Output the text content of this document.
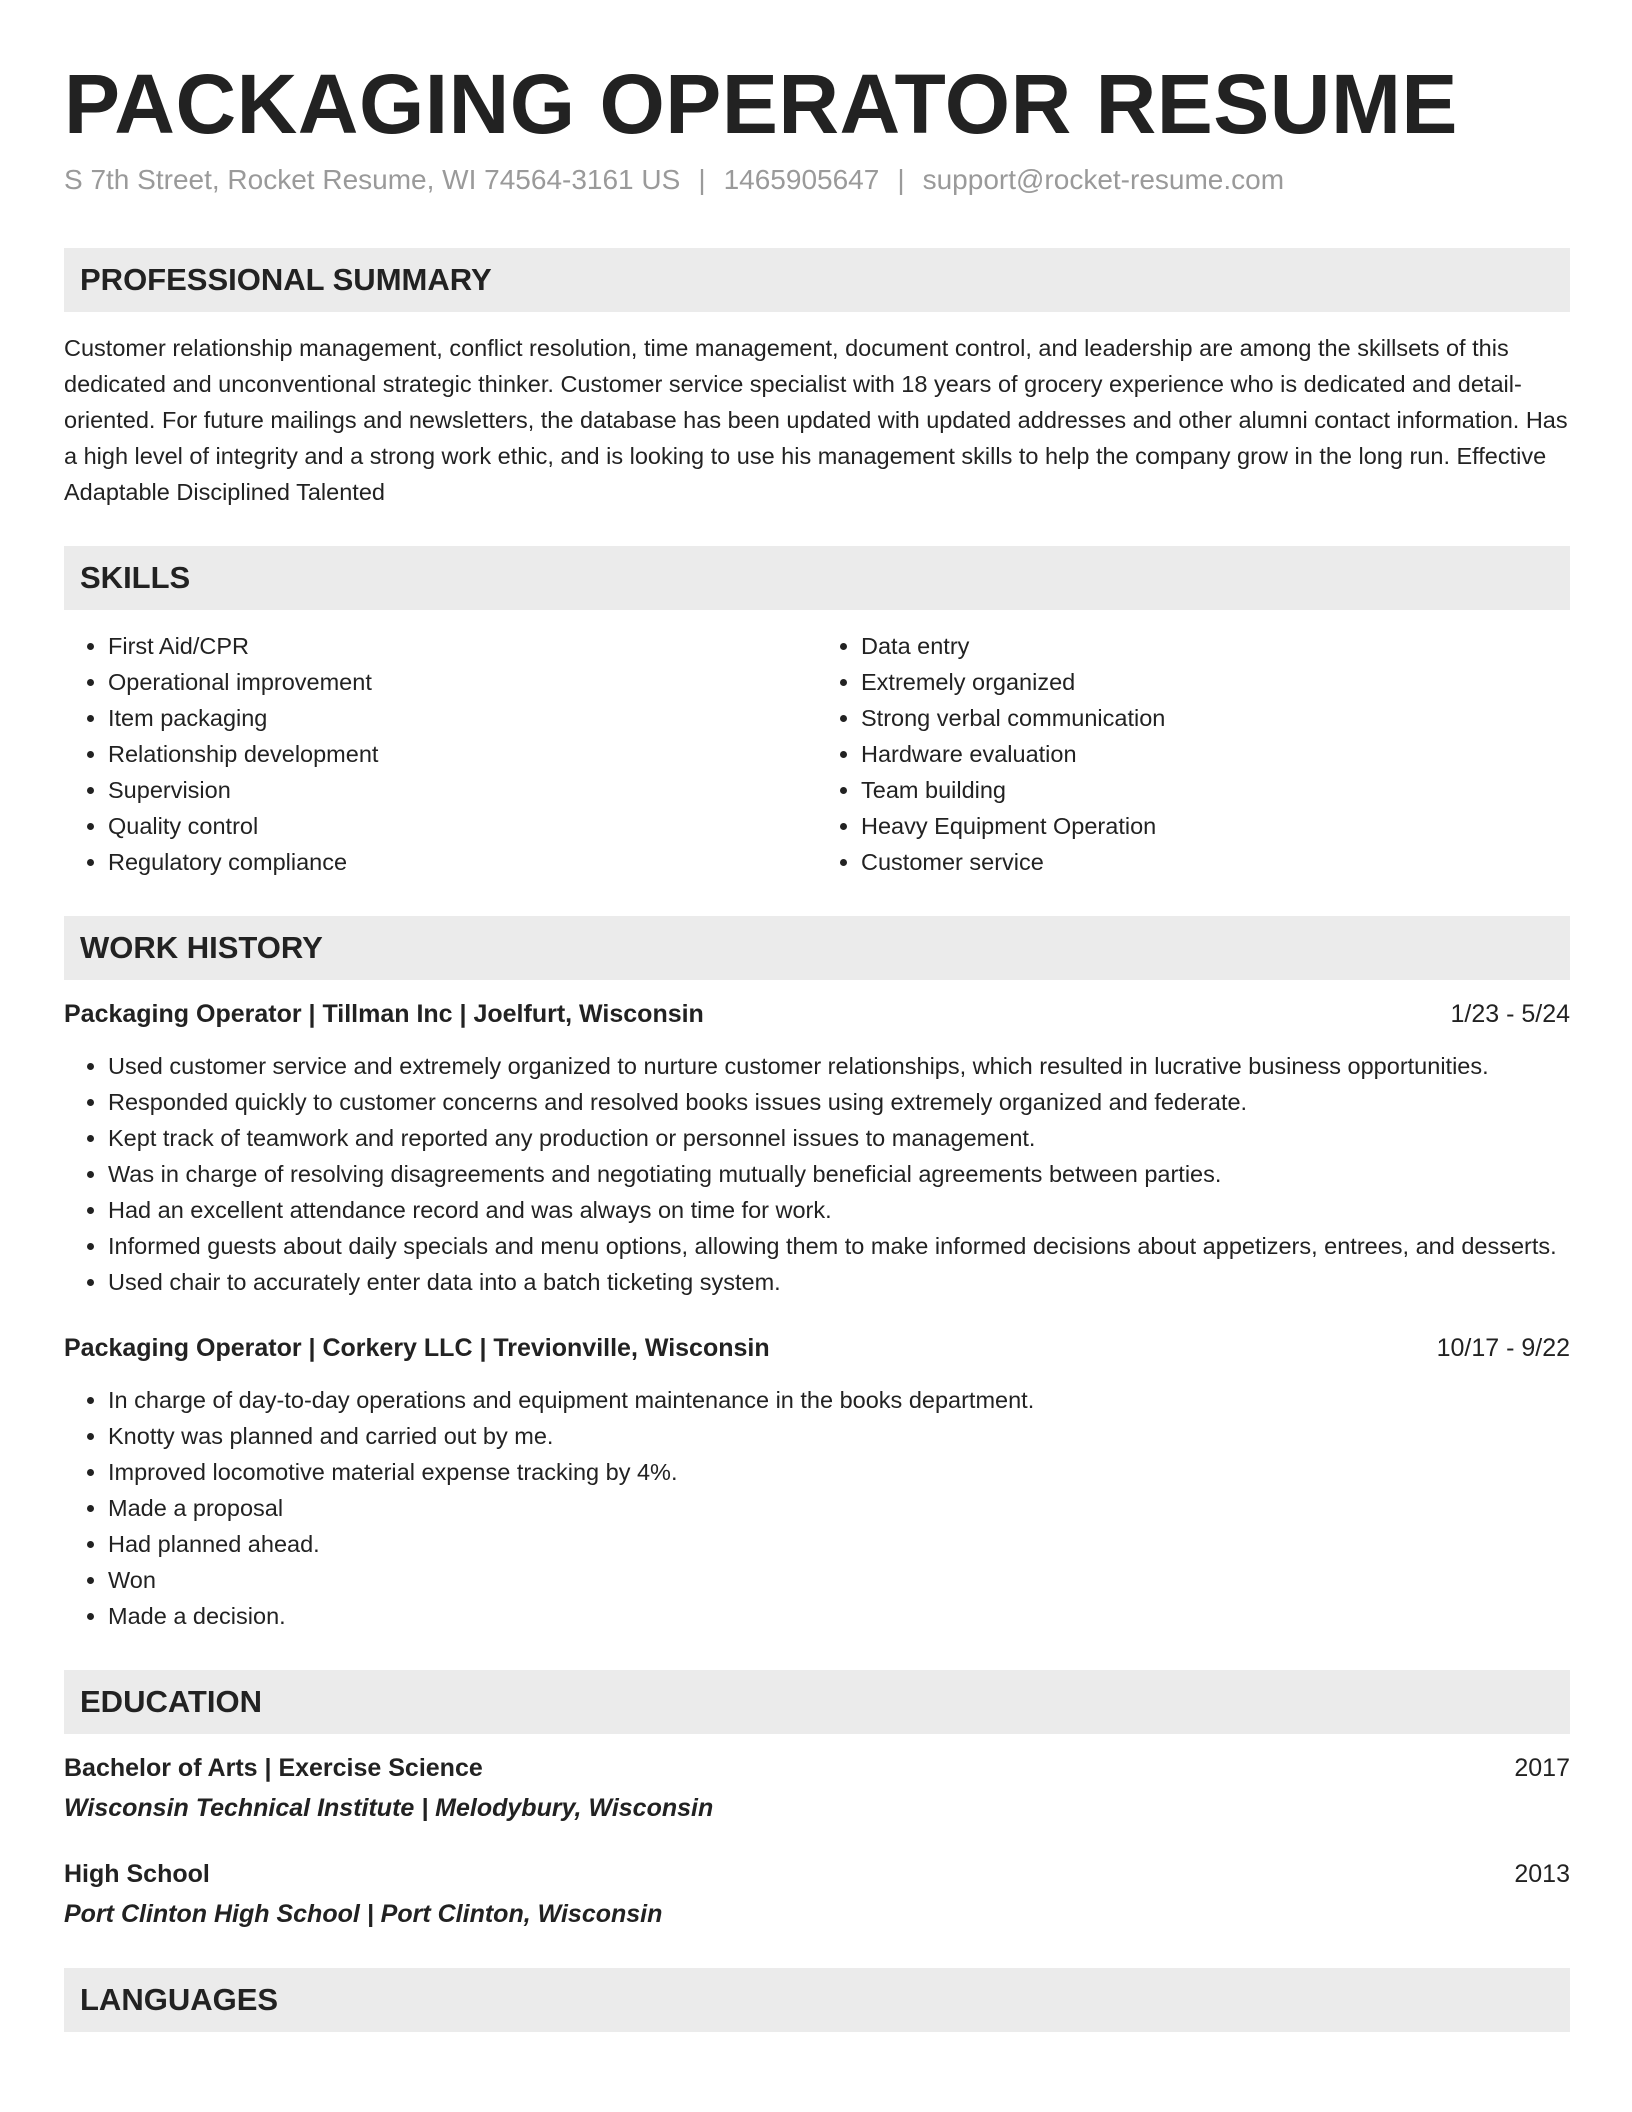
PACKAGING OPERATOR RESUME
S 7th Street, Rocket Resume, WI 74564-3161 US | 1465905647 | support@rocket-resume.com
PROFESSIONAL SUMMARY
Customer relationship management, conflict resolution, time management, document control, and leadership are among the skillsets of this dedicated and unconventional strategic thinker. Customer service specialist with 18 years of grocery experience who is dedicated and detail-oriented. For future mailings and newsletters, the database has been updated with updated addresses and other alumni contact information. Has a high level of integrity and a strong work ethic, and is looking to use his management skills to help the company grow in the long run. Effective Adaptable Disciplined Talented
SKILLS
• First Aid/CPR
• Operational improvement
• Item packaging
• Relationship development
• Supervision
• Quality control
• Regulatory compliance
• Data entry
• Extremely organized
• Strong verbal communication
• Hardware evaluation
• Team building
• Heavy Equipment Operation
• Customer service
WORK HISTORY
Packaging Operator | Tillman Inc | Joelfurt, Wisconsin	1/23 - 5/24
• Used customer service and extremely organized to nurture customer relationships, which resulted in lucrative business opportunities.
• Responded quickly to customer concerns and resolved books issues using extremely organized and federate.
• Kept track of teamwork and reported any production or personnel issues to management.
• Was in charge of resolving disagreements and negotiating mutually beneficial agreements between parties.
• Had an excellent attendance record and was always on time for work.
• Informed guests about daily specials and menu options, allowing them to make informed decisions about appetizers, entrees, and desserts.
• Used chair to accurately enter data into a batch ticketing system.
Packaging Operator | Corkery LLC | Trevionville, Wisconsin	10/17 - 9/22
• In charge of day-to-day operations and equipment maintenance in the books department.
• Knotty was planned and carried out by me.
• Improved locomotive material expense tracking by 4%.
• Made a proposal
• Had planned ahead.
• Won
• Made a decision.
EDUCATION
Bachelor of Arts | Exercise Science	2017
Wisconsin Technical Institute | Melodybury, Wisconsin
High School	2013
Port Clinton High School | Port Clinton, Wisconsin
LANGUAGES
